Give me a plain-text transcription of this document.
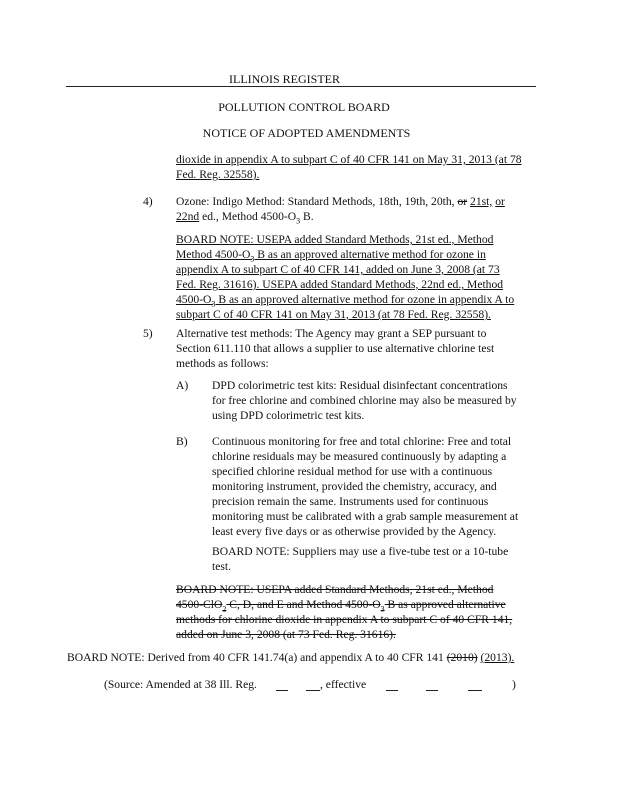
ILLINOIS REGISTER
POLLUTION CONTROL BOARD
NOTICE OF ADOPTED AMENDMENTS

dioxide in appendix A to subpart C of 40 CFR 141 on May 31, 2013 (at 78

Fed. Reg. 32558).

4) Ozone: Indigo Method: Standard Methods, 18th, 19th, 20th, or 21st, or

22nd ed., Method $4500-O_3$ B.

BOARD NOTE: USEPA added Standard Methods, 21st ed., Method

Method $4500-O_3$ B as an approved alternative method for ozone in

appendix A to subpart C of 40 CFR 141, added on June 3, 2008 (at 73

Fed. Reg. 31616). USEPA added Standard Methods, 22nd ed., Method

$4500-O_3$ B as an approved alternative method for ozone in appendix A to

subpart C of 40 CFR 141 on May 31, 2013 (at 78 Fed. Reg. 32558).

5) Alternative test methods: The Agency may grant a SEP pursuant to

Section 611.110 that allows a supplier to use alternative chlorine test

methods as follows:

A) DPD colorimetric test kits: Residual disinfectant concentrations

for free chlorine and combined chlorine may also be measured by

using DPD colorimetric test kits.

B) Continuous monitoring for free and total chlorine: Free and total

chlorine residuals may be measured continuously by adapting a

specified chlorine residual method for use with a continuous

monitoring instrument, provided the chemistry, accuracy, and

precision remain the same. Instruments used for continuous

monitoring must be calibrated with a grab sample measurement at

least every five days or as otherwise provided by the Agency.

BOARD NOTE: Suppliers may use a five-tube test or a 10-tube

test.

BOARD NOTE: USEPA added Standard Methods, 21st ed., Method

4500-ClO$_2$ C, D, and E and Method $4500-O_3$ B as approved alternative

methods for chlorine dioxide in appendix A to subpart C of 40 CFR 141,

added on June 3, 2008 (at 73 Fed. Reg. 31616).

BOARD NOTE: Derived from 40 CFR 141.74(a) and appendix A to 40 CFR 141 (2010) (2013).
(Source: Amended at 38 Ill. Reg.	, effective	)
